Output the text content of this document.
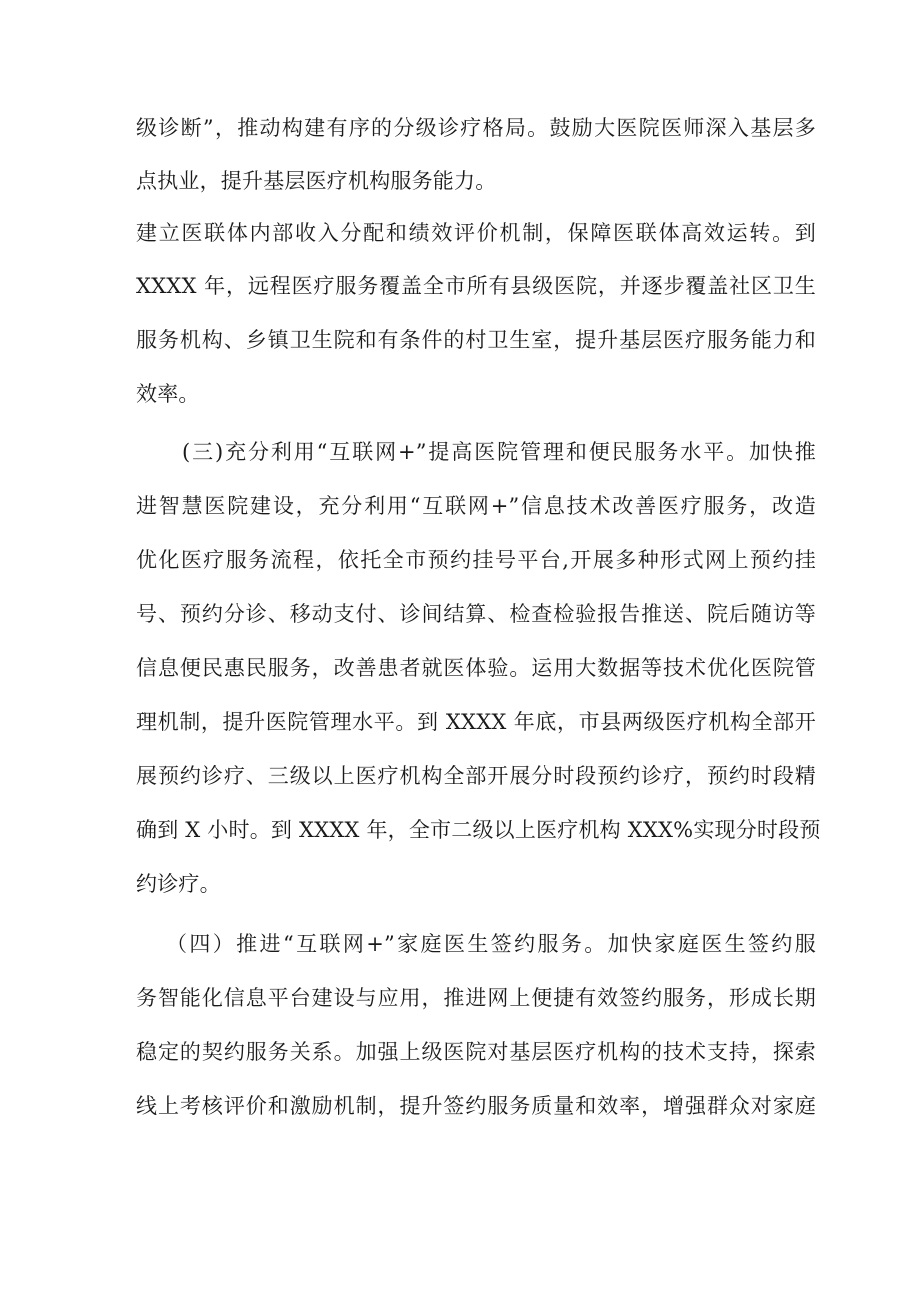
级诊断”，推动构建有序的分级诊疗格局。鼓励大医院医师深入基层多
点执业，提升基层医疗机构服务能力。
建立医联体内部收入分配和绩效评价机制，保障医联体高效运转。到
XXXX 年，远程医疗服务覆盖全市所有县级医院，并逐步覆盖社区卫生
服务机构、乡镇卫生院和有条件的村卫生室，提升基层医疗服务能力和
效率。
(三)充分利用“互联网+”提高医院管理和便民服务水平。加快推
进智慧医院建设，充分利用“互联网+”信息技术改善医疗服务，改造
优化医疗服务流程，依托全市预约挂号平台,开展多种形式网上预约挂
号、预约分诊、移动支付、诊间结算、检查检验报告推送、院后随访等
信息便民惠民服务，改善患者就医体验。运用大数据等技术优化医院管
理机制，提升医院管理水平。到 XXXX 年底，市县两级医疗机构全部开
展预约诊疗、三级以上医疗机构全部开展分时段预约诊疗，预约时段精
确到 X 小时。到 XXXX 年，全市二级以上医疗机构 XXX%实现分时段预
约诊疗。
（四）推进“互联网+”家庭医生签约服务。加快家庭医生签约服
务智能化信息平台建设与应用，推进网上便捷有效签约服务，形成长期
稳定的契约服务关系。加强上级医院对基层医疗机构的技术支持，探索
线上考核评价和激励机制，提升签约服务质量和效率，增强群众对家庭
